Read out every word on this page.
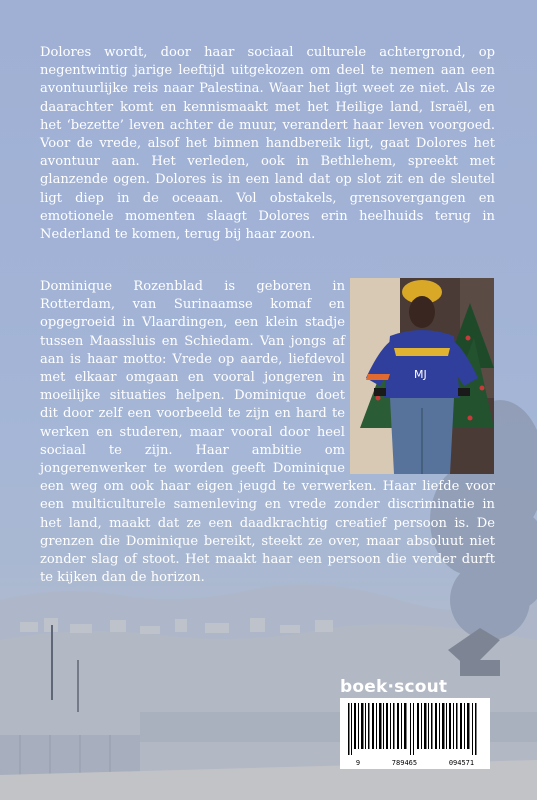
Dolores wordt, door haar sociaal culturele achtergrond, op negentwintig jarige leeftijd uitgekozen om deel te nemen aan een avontuurlijke reis naar Palestina. Waar het ligt weet ze niet. Als ze daarachter komt en kennismaakt met het Heilige land, Israël, en het ‘bezette’ leven achter de muur, verandert haar leven voorgoed. Voor de vrede, alsof het binnen handbereik ligt, gaat Dolores het avontuur aan. Het verleden, ook in Bethlehem, spreekt met glanzende ogen. Dolores is in een land dat op slot zit en de sleutel ligt diep in de oceaan. Vol obstakels, grensovergangen en emotionele momenten slaagt Dolores erin heelhuids terug in Nederland te komen, terug bij haar zoon.
MJ
Dominique Rozenblad is geboren in Rotterdam, van Surinaamse komaf en opgegroeid in Vlaardingen, een klein stadje tussen Maassluis en Schiedam. Van jongs af aan is haar motto: Vrede op aarde, liefdevol met elkaar omgaan en vooral jongeren in moeilijke situaties helpen. Dominique doet dit door zelf een voorbeeld te zijn en hard te werken en studeren, maar vooral door heel sociaal te zijn. Haar ambitie om jongerenwerker te worden geeft Dominique een weg om ook haar eigen jeugd te verwerken. Haar liefde voor een multiculturele samenleving en vrede zonder discriminatie in het land, maakt dat ze een daadkrachtig creatief persoon is. De grenzen die Dominique bereikt, steekt ze over, maar absoluut niet zonder slag of stoot. Het maakt haar een persoon die verder durft te kijken dan de horizon.
boek·scout
9	789465	094571
